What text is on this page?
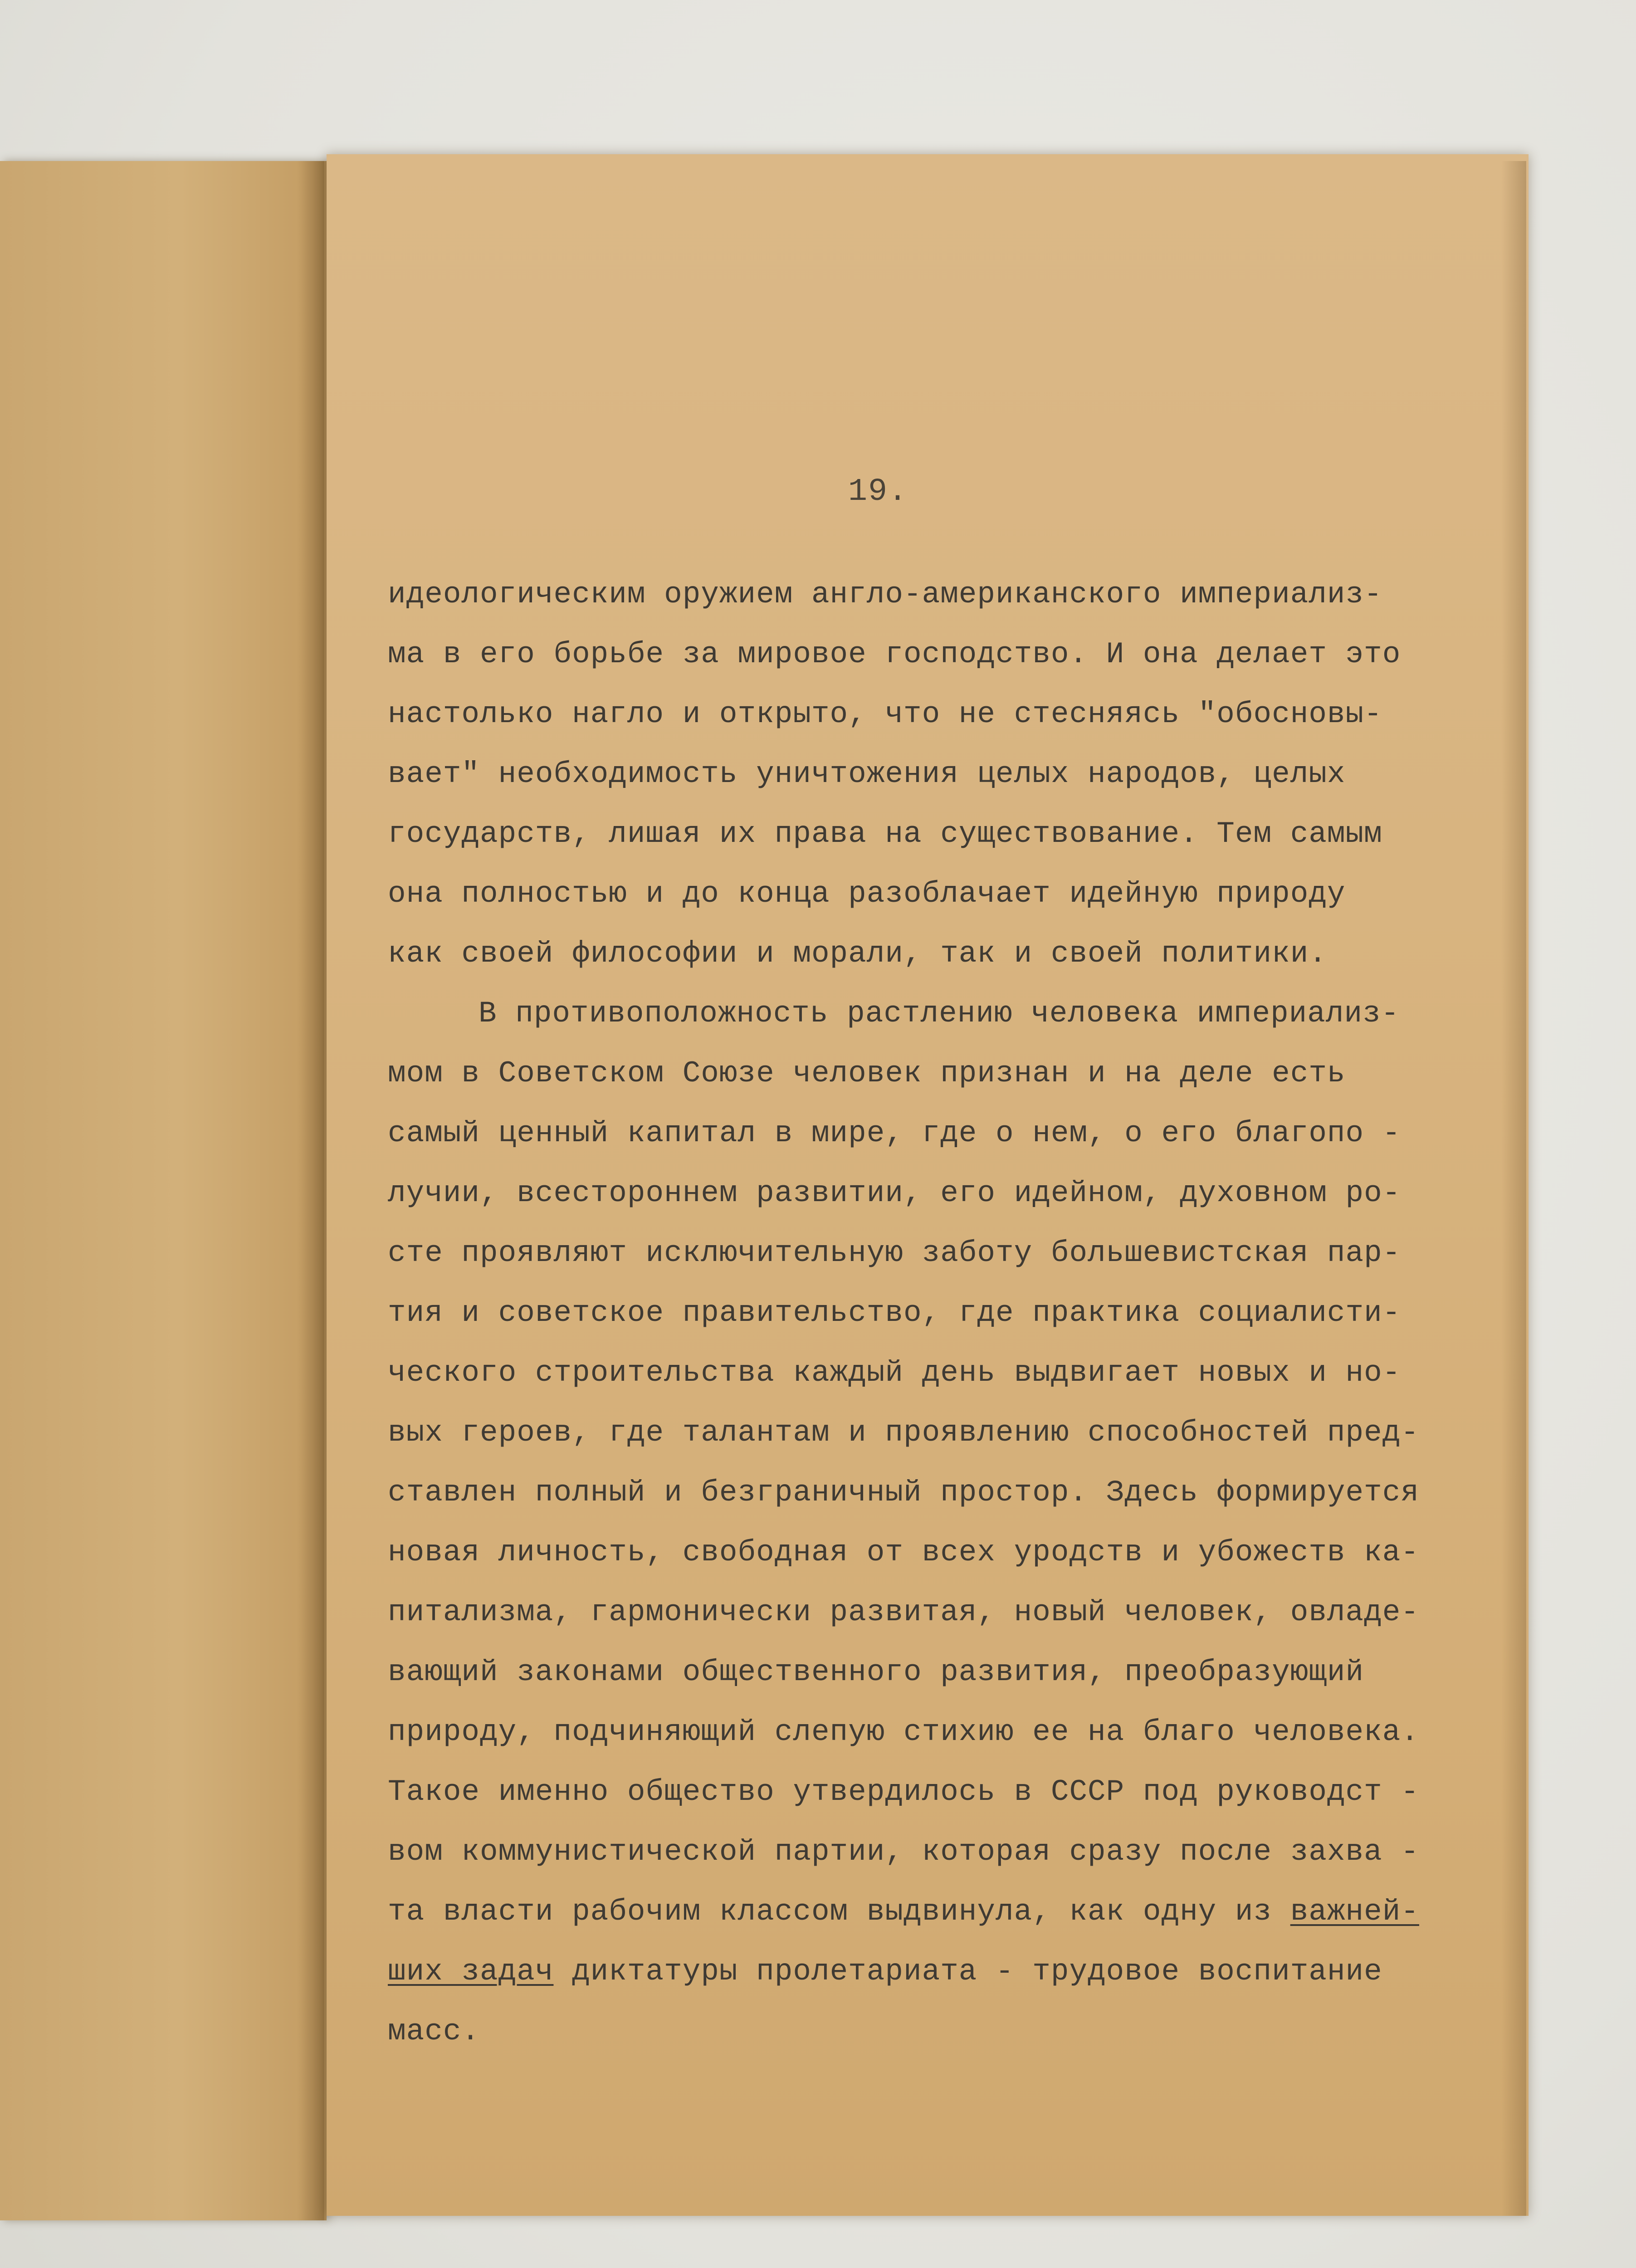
19.
идеологическим оружием англо-американского империализ-
ма в его борьбе за мировое господство. И она делает это
настолько нагло и открыто, что не стесняясь "обосновы-
вает" необходимость уничтожения целых народов, целых
государств, лишая их права на существование. Тем самым
она полностью и до конца разоблачает идейную природу
как своей философии и морали, так и своей политики.
В противоположность растлению человека империализ-
мом в Советском Союзе человек признан и на деле есть
самый ценный капитал в мире, где о нем, о его благопо -
лучии, всестороннем развитии, его идейном, духовном ро-
сте проявляют исключительную заботу большевистская пар-
тия и советское правительство, где практика социалисти-
ческого строительства каждый день выдвигает новых и но-
вых героев, где талантам и проявлению способностей пред-
ставлен полный и безграничный простор. Здесь формируется
новая личность, свободная от всех уродств и убожеств ка-
питализма, гармонически развитая, новый человек, овладе-
вающий законами общественного развития, преобразующий
природу, подчиняющий слепую стихию ее на благо человека.
Такое именно общество утвердилось в СССР под руководст -
вом коммунистической партии, которая сразу после захва -
та власти рабочим классом выдвинула, как одну из важней-
ших задач диктатуры пролетариата - трудовое воспитание
масс.
